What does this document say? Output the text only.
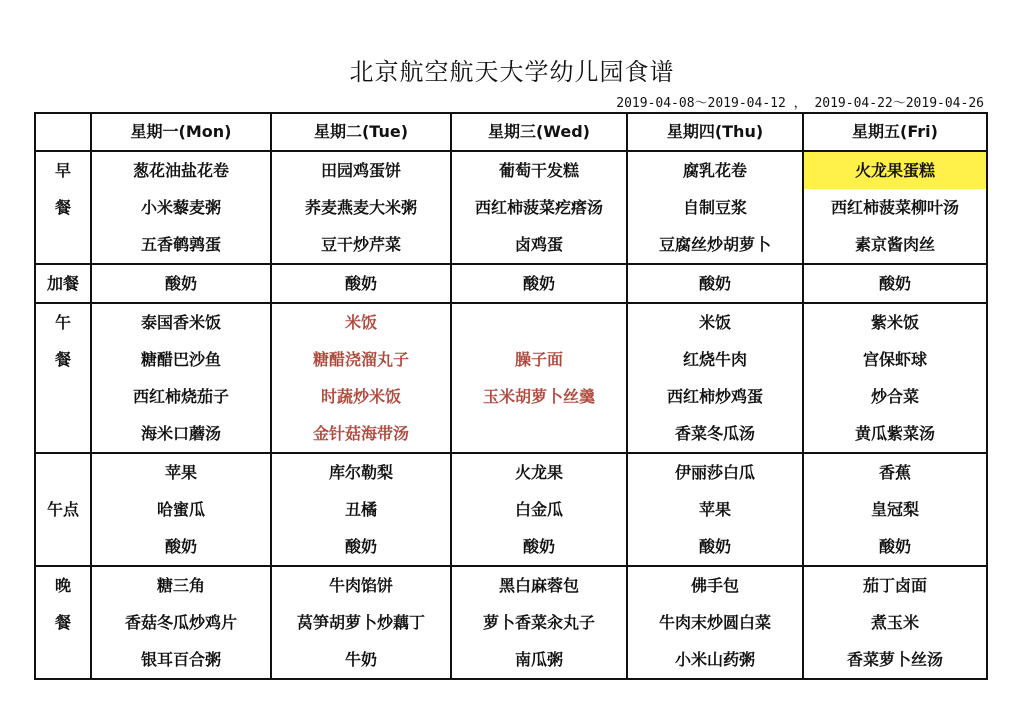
北京航空航天大学幼儿园食谱
2019-04-08～2019-04-12 ， 2019-04-22～2019-04-26
	星期一(Mon)	星期二(Tue)	星期三(Wed)	星期四(Thu)	星期五(Fri)
早	葱花油盐花卷	田园鸡蛋饼	葡萄干发糕	腐乳花卷	火龙果蛋糕
餐	小米藜麦粥	荞麦燕麦大米粥	西红柿菠菜疙瘩汤	自制豆浆	西红柿菠菜柳叶汤
	五香鹌鹑蛋	豆干炒芹菜	卤鸡蛋	豆腐丝炒胡萝卜	素京酱肉丝
加餐	酸奶	酸奶	酸奶	酸奶	酸奶
午	泰国香米饭	米饭		米饭	紫米饭
餐	糖醋巴沙鱼	糖醋浇溜丸子	臊子面	红烧牛肉	宫保虾球
	西红柿烧茄子	时蔬炒米饭	玉米胡萝卜丝羹	西红柿炒鸡蛋	炒合菜
	海米口蘑汤	金针菇海带汤		香菜冬瓜汤	黄瓜紫菜汤
	苹果	库尔勒梨	火龙果	伊丽莎白瓜	香蕉
午点	哈蜜瓜	丑橘	白金瓜	苹果	皇冠梨
	酸奶	酸奶	酸奶	酸奶	酸奶
晚	糖三角	牛肉馅饼	黑白麻蓉包	佛手包	茄丁卤面
餐	香菇冬瓜炒鸡片	莴笋胡萝卜炒藕丁	萝卜香菜汆丸子	牛肉末炒圆白菜	煮玉米
	银耳百合粥	牛奶	南瓜粥	小米山药粥	香菜萝卜丝汤
